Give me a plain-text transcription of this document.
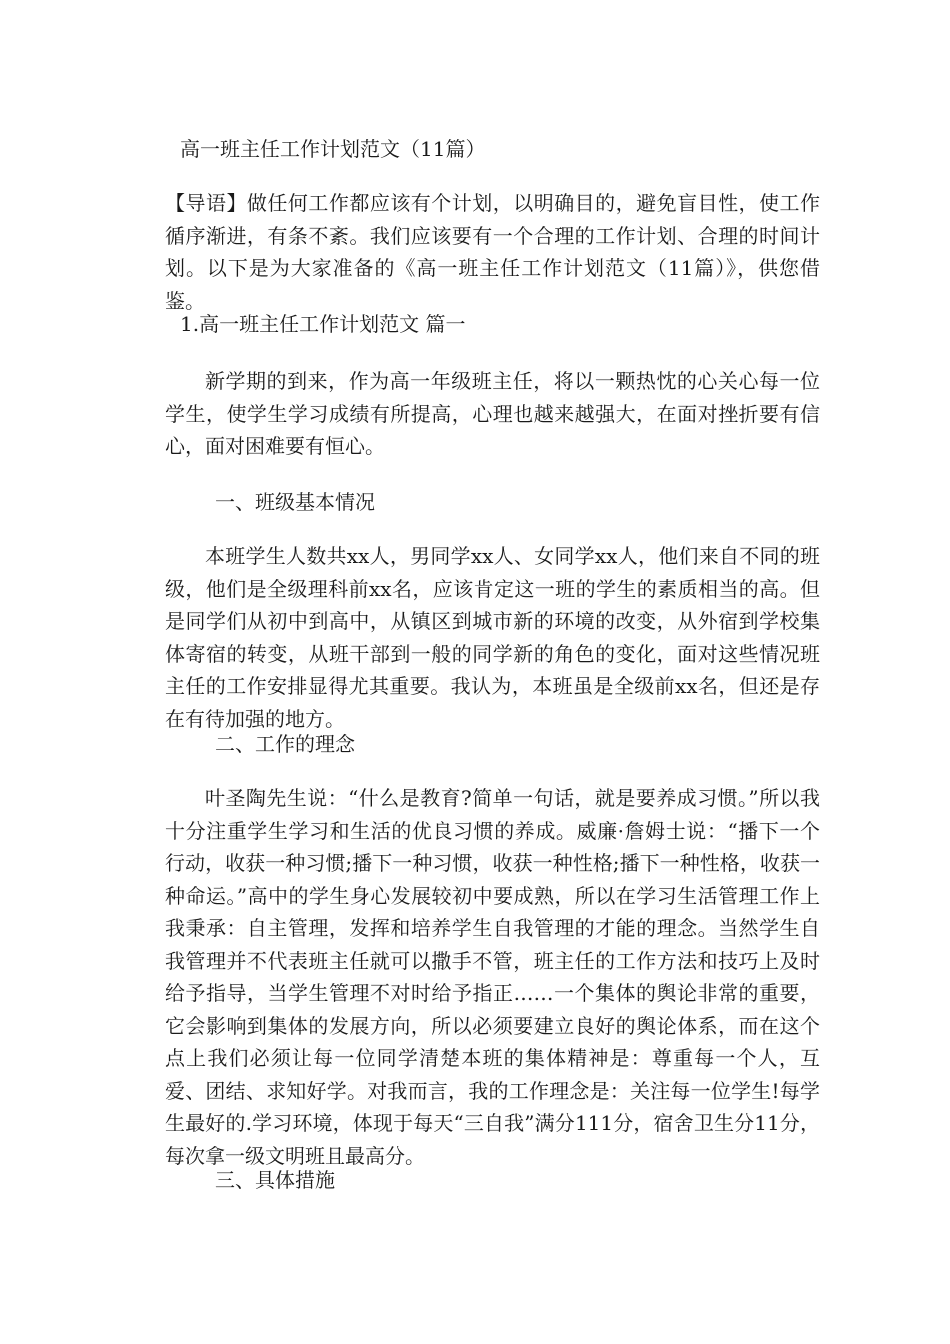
高一班主任工作计划范文（11篇）
【导语】做任何工作都应该有个计划，以明确目的，避免盲目性，使工作循序渐进，有条不紊。我们应该要有一个合理的工作计划、合理的时间计划。以下是为大家准备的《高一班主任工作计划范文（11篇）》，供您借鉴。
1.高一班主任工作计划范文 篇一
新学期的到来，作为高一年级班主任，将以一颗热忱的心关心每一位学生，使学生学习成绩有所提高，心理也越来越强大，在面对挫折要有信心，面对困难要有恒心。
一、班级基本情况
本班学生人数共xx人，男同学xx人、女同学xx人，他们来自不同的班级，他们是全级理科前xx名，应该肯定这一班的学生的素质相当的高。但是同学们从初中到高中，从镇区到城市新的环境的改变，从外宿到学校集体寄宿的转变，从班干部到一般的同学新的角色的变化，面对这些情况班主任的工作安排显得尤其重要。我认为，本班虽是全级前xx名，但还是存在有待加强的地方。
二、工作的理念
叶圣陶先生说：“什么是教育?简单一句话，就是要养成习惯。”所以我十分注重学生学习和生活的优良习惯的养成。威廉·詹姆士说：“播下一个行动，收获一种习惯;播下一种习惯，收获一种性格;播下一种性格，收获一种命运。”高中的学生身心发展较初中要成熟，所以在学习生活管理工作上我秉承：自主管理，发挥和培养学生自我管理的才能的理念。当然学生自我管理并不代表班主任就可以撒手不管，班主任的工作方法和技巧上及时给予指导，当学生管理不对时给予指正……一个集体的舆论非常的重要，它会影响到集体的发展方向，所以必须要建立良好的舆论体系，而在这个点上我们必须让每一位同学清楚本班的集体精神是：尊重每一个人，互爱、团结、求知好学。对我而言，我的工作理念是：关注每一位学生!每学生最好的.学习环境，体现于每天“三自我”满分111分，宿舍卫生分11分，每次拿一级文明班且最高分。
三、具体措施
